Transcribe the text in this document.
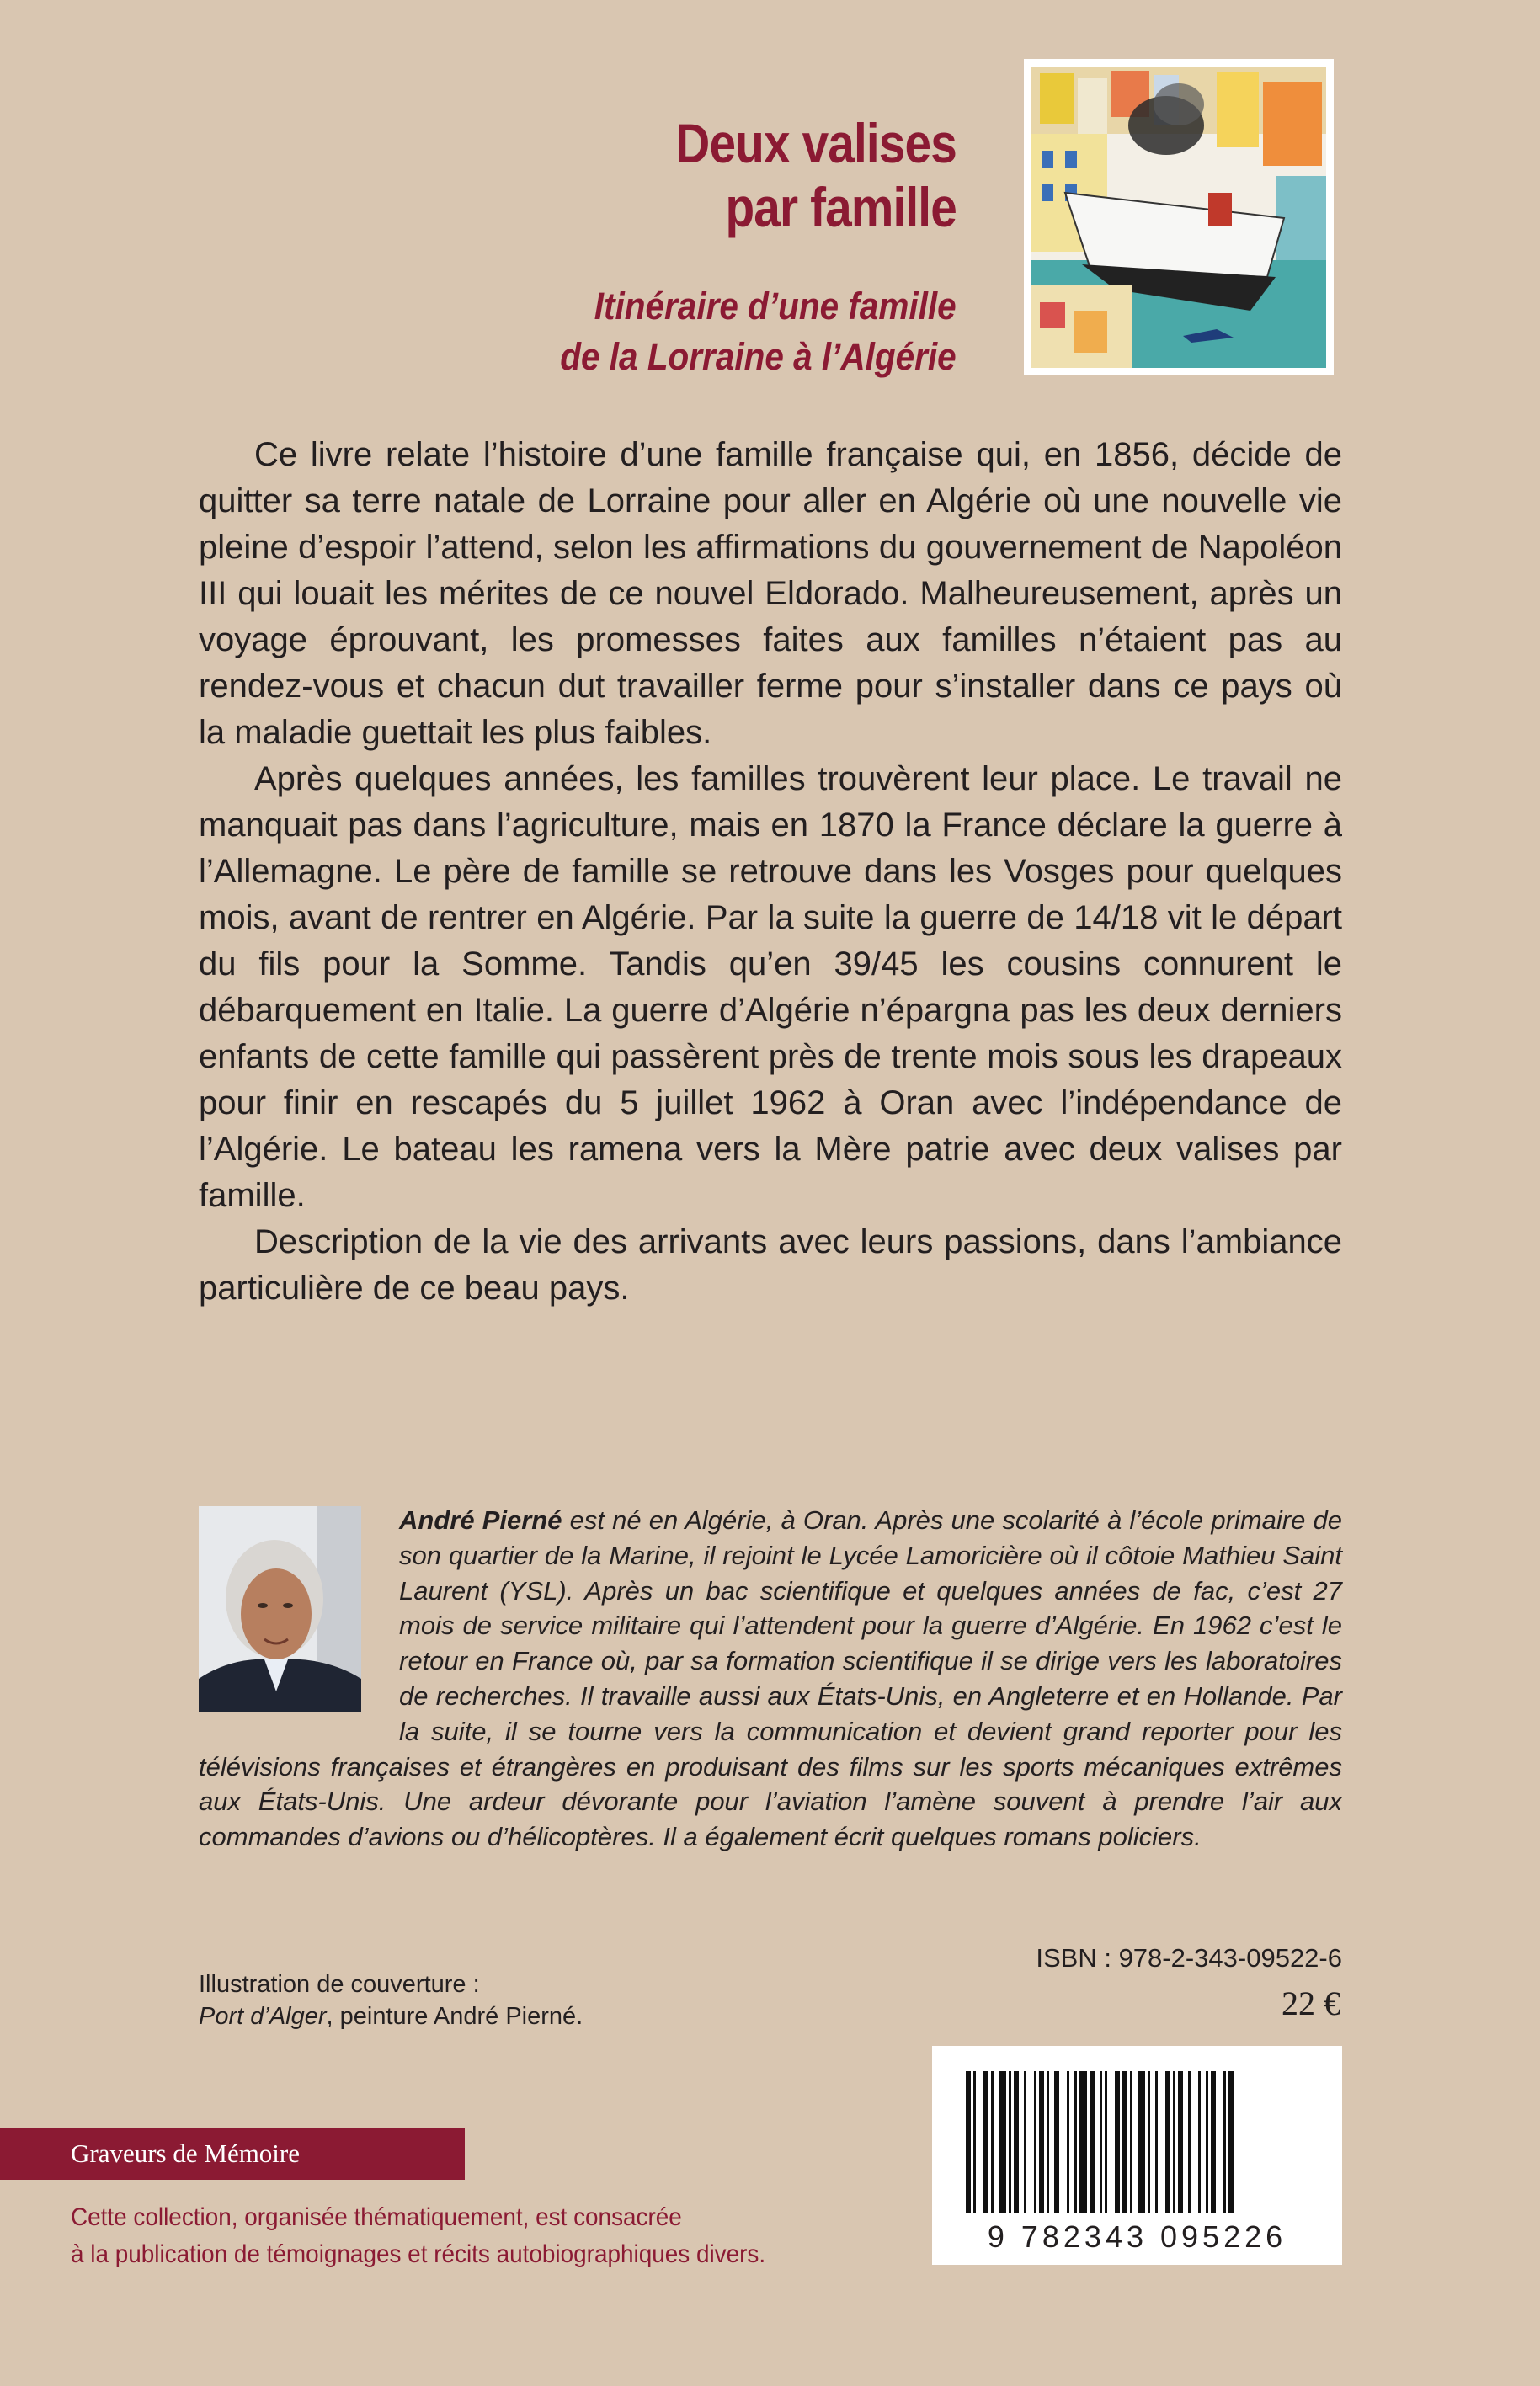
Deux valises
par famille
Itinéraire d’une famille
de la Lorraine à l’Algérie

Ce livre relate l’histoire d’une famille française qui, en 1856, décide de quitter sa terre natale de Lorraine pour aller en Algérie où une nouvelle vie pleine d’espoir l’attend, selon les affirmations du gouvernement de Napoléon III qui louait les mérites de ce nouvel Eldorado. Malheureusement, après un voyage éprouvant, les promesses faites aux familles n’étaient pas au rendez-vous et chacun dut travailler ferme pour s’installer dans ce pays où la maladie guettait les plus faibles.

Après quelques années, les familles trouvèrent leur place. Le travail ne manquait pas dans l’agriculture, mais en 1870 la France déclare la guerre à l’Allemagne. Le père de famille se retrouve dans les Vosges pour quelques mois, avant de rentrer en Algérie. Par la suite la guerre de 14/18 vit le départ du fils pour la Somme. Tandis qu’en 39/45 les cousins connurent le débarquement en Italie. La guerre d’Algérie n’épargna pas les deux derniers enfants de cette famille qui passèrent près de trente mois sous les drapeaux pour finir en rescapés du 5 juillet 1962 à Oran avec l’indépendance de l’Algérie. Le bateau les ramena vers la Mère patrie avec deux valises par famille.

Description de la vie des arrivants avec leurs passions, dans l’ambiance particulière de ce beau pays.

André Pierné est né en Algérie, à Oran. Après une scolarité à l’école primaire de son quartier de la Marine, il rejoint le Lycée Lamoricière où il côtoie Mathieu Saint Laurent (YSL). Après un bac scientifique et quelques années de fac, c’est 27 mois de service militaire qui l’attendent pour la guerre d’Algérie. En 1962 c’est le retour en France où, par sa formation scientifique il se dirige vers les laboratoires de recherches. Il travaille aussi aux États-Unis, en Angleterre et en Hollande. Par la suite, il se tourne vers la communication et devient grand reporter pour les télévisions françaises et étrangères en produisant des films sur les sports mécaniques extrêmes aux États-Unis. Une ardeur dévorante pour l’aviation l’amène souvent à prendre l’air aux commandes d’avions ou d’hélicoptères. Il a également écrit quelques romans policiers.
ISBN : 978-2-343-09522-6
22 €
Illustration de couverture :
Port d’Alger, peinture André Pierné.
9 782343 095226
Graveurs de Mémoire
Cette collection, organisée thématiquement, est consacrée
à la publication de témoignages et récits autobiographiques divers.
